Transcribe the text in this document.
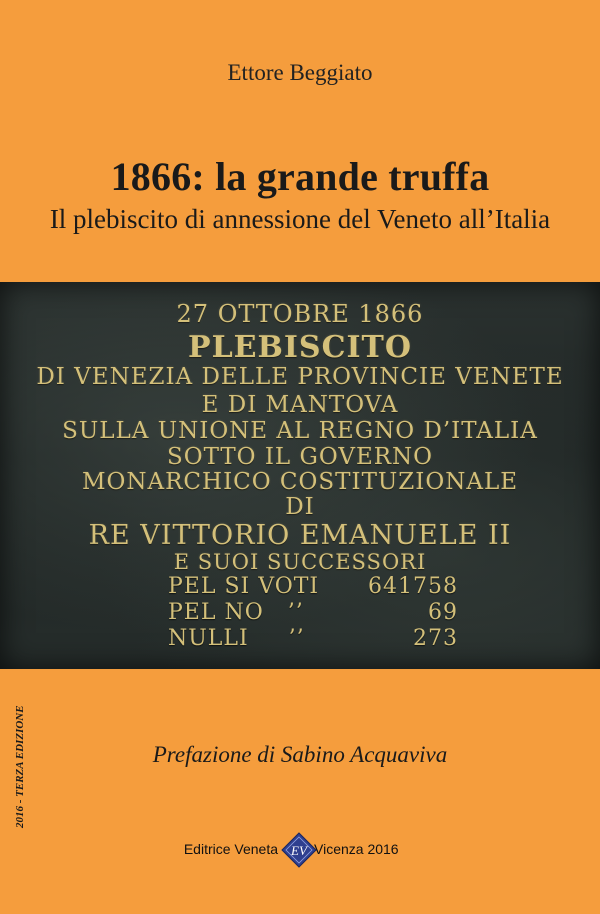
Ettore Beggiato
1866: la grande truffa
Il plebiscito di annessione del Veneto all’Italia
27 OTTOBRE 1866
PLEBISCITO
DI VENEZIA DELLE PROVINCIE VENETE
E DI MANTOVA
SULLA UNIONE AL REGNO D’ITALIA
SOTTO IL GOVERNO
MONARCHICO COSTITUZIONALE
DI
RE VITTORIO EMANUELE II
E SUOI SUCCESSORI
PEL SI VOTI 641758
PEL NO   ’’	69
NULLI     ’’	273
2016 - TERZA EDIZIONE	Prefazione di Sabino Acquaviva
Editrice Veneta EV Vicenza 2016
